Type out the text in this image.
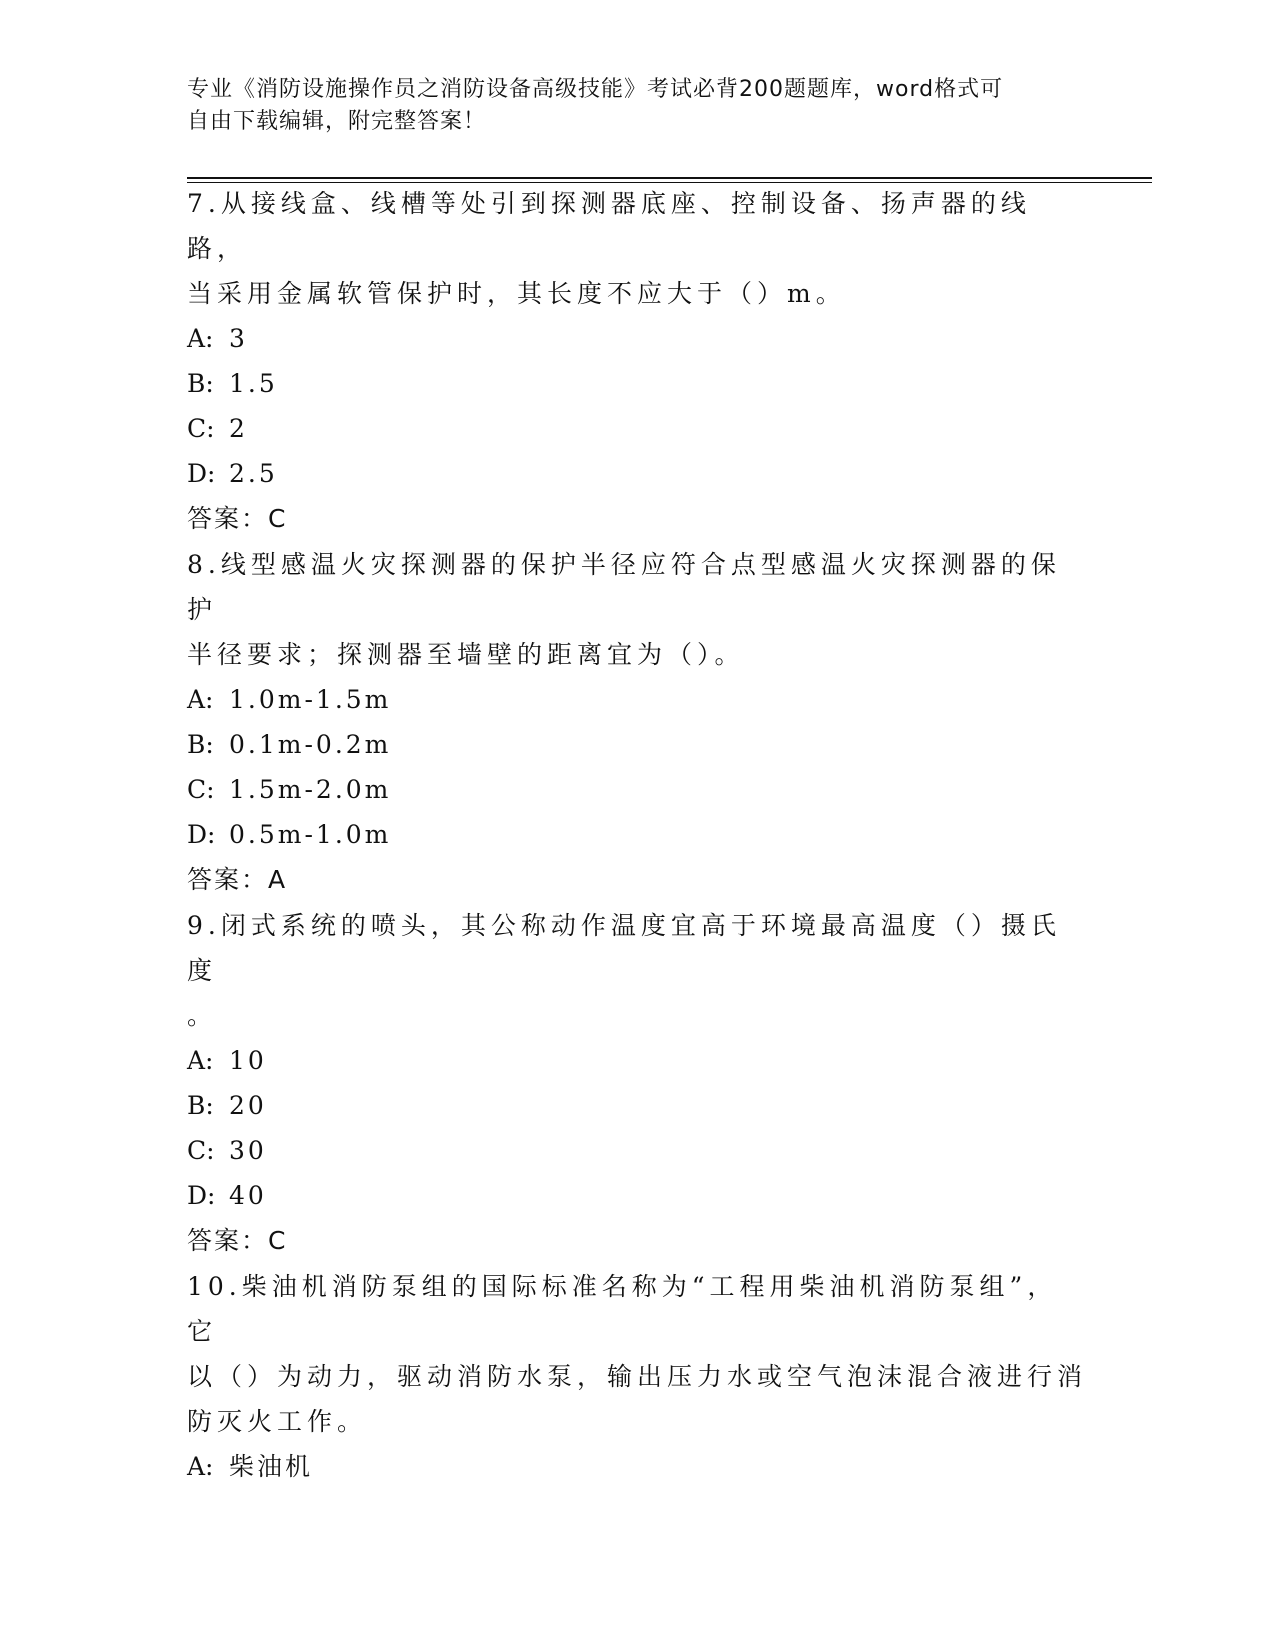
专业《消防设施操作员之消防设备高级技能》考试必背200题题库，word格式可
自由下载编辑，附完整答案！
7.从接线盒、线槽等处引到探测器底座、控制设备、扬声器的线路，
当采用金属软管保护时，其长度不应大于（）m。
A: 3
B: 1.5
C: 2
D: 2.5
答案：C
8.线型感温火灾探测器的保护半径应符合点型感温火灾探测器的保护
半径要求；探测器至墙壁的距离宜为（）。
A: 1.0m-1.5m
B: 0.1m-0.2m
C: 1.5m-2.0m
D: 0.5m-1.0m
答案：A
9.闭式系统的喷头，其公称动作温度宜高于环境最高温度（）摄氏度
。
A: 10
B: 20
C: 30
D: 40
答案：C
10.柴油机消防泵组的国际标准名称为“工程用柴油机消防泵组”，它
以（）为动力，驱动消防水泵，输出压力水或空气泡沫混合液进行消
防灭火工作。
A: 柴油机
